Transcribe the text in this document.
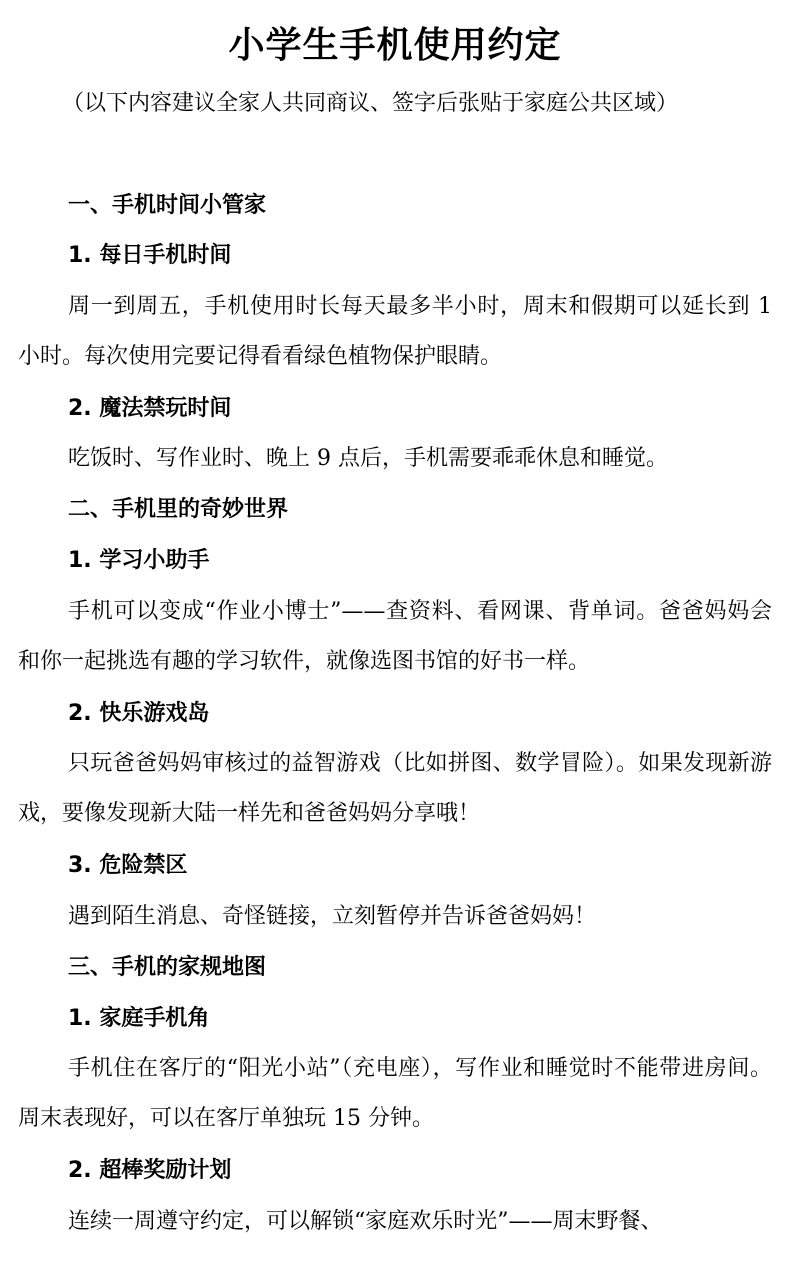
小学生手机使用约定
（以下内容建议全家人共同商议、签字后张贴于家庭公共区域）
一、手机时间小管家
1. 每日手机时间
周一到周五，手机使用时长每天最多半小时，周末和假期可以延长到 1 小时。每次使用完要记得看看绿色植物保护眼睛。
2. 魔法禁玩时间
吃饭时、写作业时、晚上 9 点后，手机需要乖乖休息和睡觉。
二、手机里的奇妙世界
1. 学习小助手
手机可以变成“作业小博士”——查资料、看网课、背单词。爸爸妈妈会和你一起挑选有趣的学习软件，就像选图书馆的好书一样。
2. 快乐游戏岛
只玩爸爸妈妈审核过的益智游戏（比如拼图、数学冒险）。如果发现新游戏，要像发现新大陆一样先和爸爸妈妈分享哦！
3. 危险禁区
遇到陌生消息、奇怪链接，立刻暂停并告诉爸爸妈妈！
三、手机的家规地图
1. 家庭手机角
手机住在客厅的“阳光小站”（充电座），写作业和睡觉时不能带进房间。周末表现好，可以在客厅单独玩 15 分钟。
2. 超棒奖励计划
连续一周遵守约定，可以解锁“家庭欢乐时光”——周末野餐、
